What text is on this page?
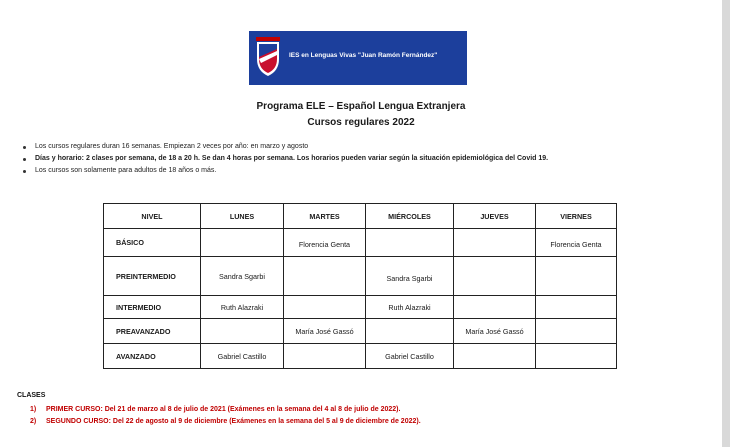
IES en Lenguas Vivas "Juan Ramón Fernández"
Programa ELE – Español Lengua Extranjera
Cursos regulares 2022
Los cursos regulares duran 16 semanas. Empiezan 2 veces por año: en marzo y agosto
Días y horario: 2 clases por semana, de 18 a 20 h. Se dan 4 horas por semana. Los horarios pueden variar según la situación epidemiológica del Covid 19.
Los cursos son solamente para adultos de 18 años o más.
NIVEL	LUNES	MARTES	MIÉRCOLES	JUEVES	VIERNES
BÁSICO		Florencia Genta			Florencia Genta
PREINTERMEDIO	Sandra Sgarbi		Sandra Sgarbi		
INTERMEDIO	Ruth Alazraki		Ruth Alazraki		
PREAVANZADO		María José Gassó		María José Gassó	
AVANZADO	Gabriel Castillo		Gabriel Castillo		
CLASES
1) PRIMER CURSO: Del 21 de marzo al 8 de julio de 2021 (Exámenes en la semana del 4 al 8 de julio de 2022).
2) SEGUNDO CURSO: Del 22 de agosto al 9 de diciembre (Exámenes en la semana del 5 al 9 de diciembre de 2022).
